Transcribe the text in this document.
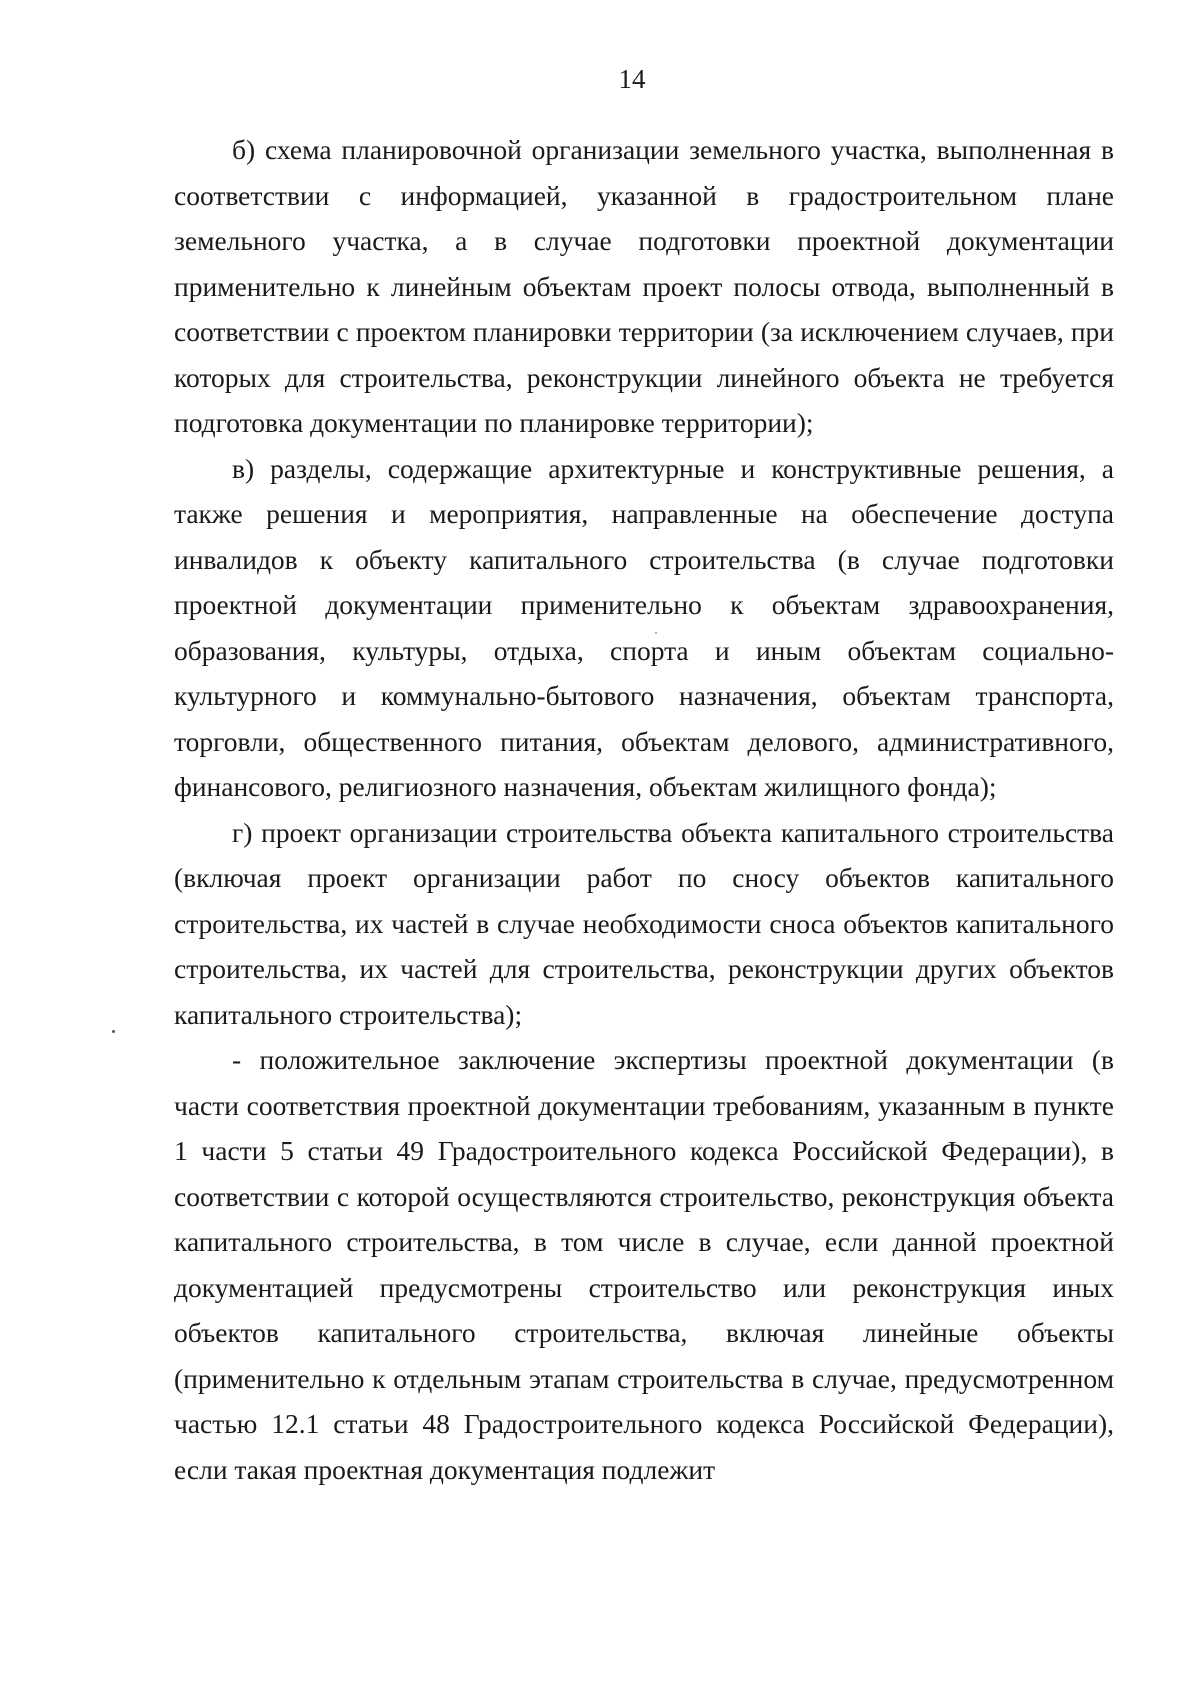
14

б) схема планировочной организации земельного участка, выполненная в соответствии с информацией, указанной в градостроительном плане земельного участка, а в случае подготовки проектной документации применительно к линейным объектам проект полосы отвода, выполненный в соответствии с проектом планировки территории (за исключением случаев, при которых для строительства, реконструкции линейного объекта не требуется подготовка документации по планировке территории);

в) разделы, содержащие архитектурные и конструктивные решения, а также решения и мероприятия, направленные на обеспечение доступа инвалидов к объекту капитального строительства (в случае подготовки проектной документации применительно к объектам здравоохранения, образования, культуры, отдыха, спорта и иным объектам социально-культурного и коммунально-бытового назначения, объектам транспорта, торговли, общественного питания, объектам делового, административного, финансового, религиозного назначения, объектам жилищного фонда);

г) проект организации строительства объекта капитального строительства (включая проект организации работ по сносу объектов капитального строительства, их частей в случае необходимости сноса объектов капитального строительства, их частей для строительства, реконструкции других объектов капитального строительства);

- положительное заключение экспертизы проектной документации (в части соответствия проектной документации требованиям, указанным в пункте 1 части 5 статьи 49 Градостроительного кодекса Российской Федерации), в соответствии с которой осуществляются строительство, реконструкция объекта капитального строительства, в том числе в случае, если данной проектной документацией предусмотрены строительство или реконструкция иных объектов капитального строительства, включая линейные объекты (применительно к отдельным этапам строительства в случае, предусмотренном частью 12.1 статьи 48 Градостроительного кодекса Российской Федерации), если такая проектная документация подлежит
